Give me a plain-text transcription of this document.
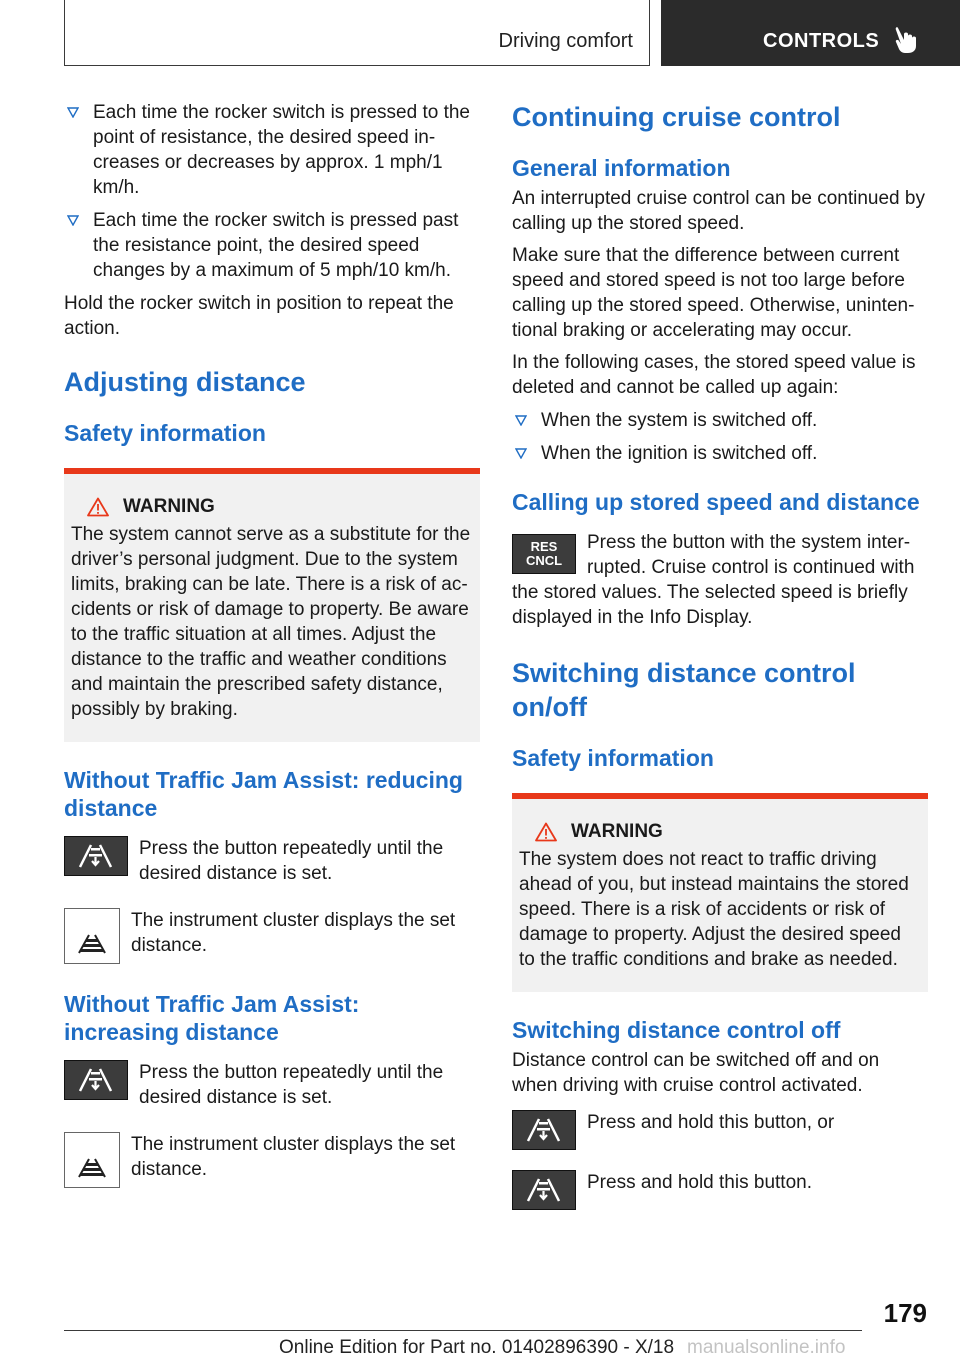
Driving comfort	CONTROLS
Each time the rocker switch is pressed to the point of resistance, the desired speed in-creases or decreases by approx. 1 mph/1 km/h.
Each time the rocker switch is pressed past the resistance point, the desired speed changes by a maximum of 5 mph/10 km/h.
Hold the rocker switch in position to repeat the action.
Adjusting distance
Safety information
WARNING
The system cannot serve as a substitute for the driver’s personal judgment. Due to the system limits, braking can be late. There is a risk of ac-cidents or risk of damage to property. Be aware to the traffic situation at all times. Adjust the distance to the traffic and weather conditions and maintain the prescribed safety distance, possibly by braking.
Without Traffic Jam Assist: reducing distance
Press the button repeatedly until the desired distance is set.
The instrument cluster displays the set distance.
Without Traffic Jam Assist: increasing distance
Press the button repeatedly until the desired distance is set.
The instrument cluster displays the set distance.
Continuing cruise control
General information
An interrupted cruise control can be continued by calling up the stored speed.
Make sure that the difference between current speed and stored speed is not too large before calling up the stored speed. Otherwise, uninten-tional braking or accelerating may occur.
In the following cases, the stored speed value is deleted and cannot be called up again:
When the system is switched off.
When the ignition is switched off.
Calling up stored speed and distance
RES
CNCL
Press the button with the system inter-rupted. Cruise control is continued with
the stored values. The selected speed is briefly displayed in the Info Display.
Switching distance control on/off
Safety information
WARNING
The system does not react to traffic driving ahead of you, but instead maintains the stored speed. There is a risk of accidents or risk of damage to property. Adjust the desired speed to the traffic conditions and brake as needed.
Switching distance control off
Distance control can be switched off and on when driving with cruise control activated.
Press and hold this button, or
Press and hold this button.
179
Online Edition for Part no. 01402896390 - X/18 manualsonline.info
